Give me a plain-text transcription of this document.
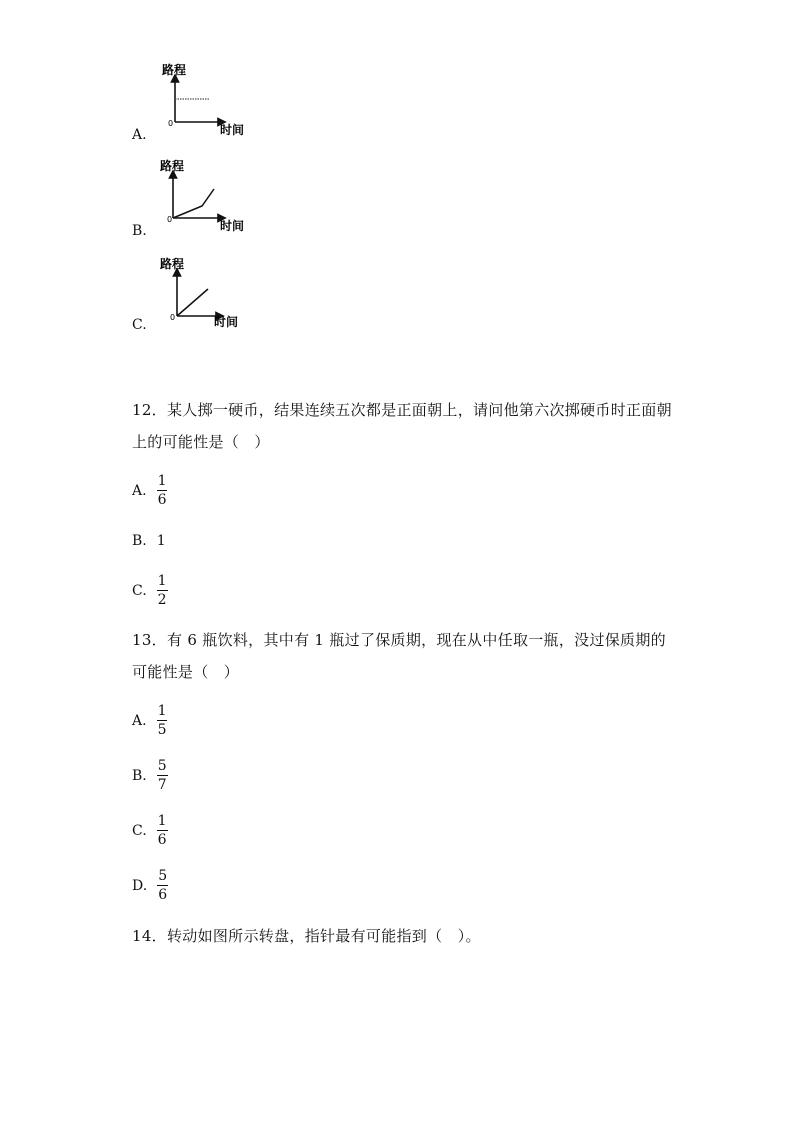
A.
路程
0	时间
B.
路程
0	时间
C.
路程
0	时间
12．某人掷一硬币，结果连续五次都是正面朝上，请问他第六次掷硬币时正面朝上的可能性是（　）
A. $\frac{1}{6}$
B. 1
C. $\frac{1}{2}$
13．有 6 瓶饮料，其中有 1 瓶过了保质期，现在从中任取一瓶，没过保质期的可能性是（　）
A. $\frac{1}{5}$
B. $\frac{5}{7}$
C. $\frac{1}{6}$
D. $\frac{5}{6}$
14．转动如图所示转盘，指针最有可能指到（　）。
